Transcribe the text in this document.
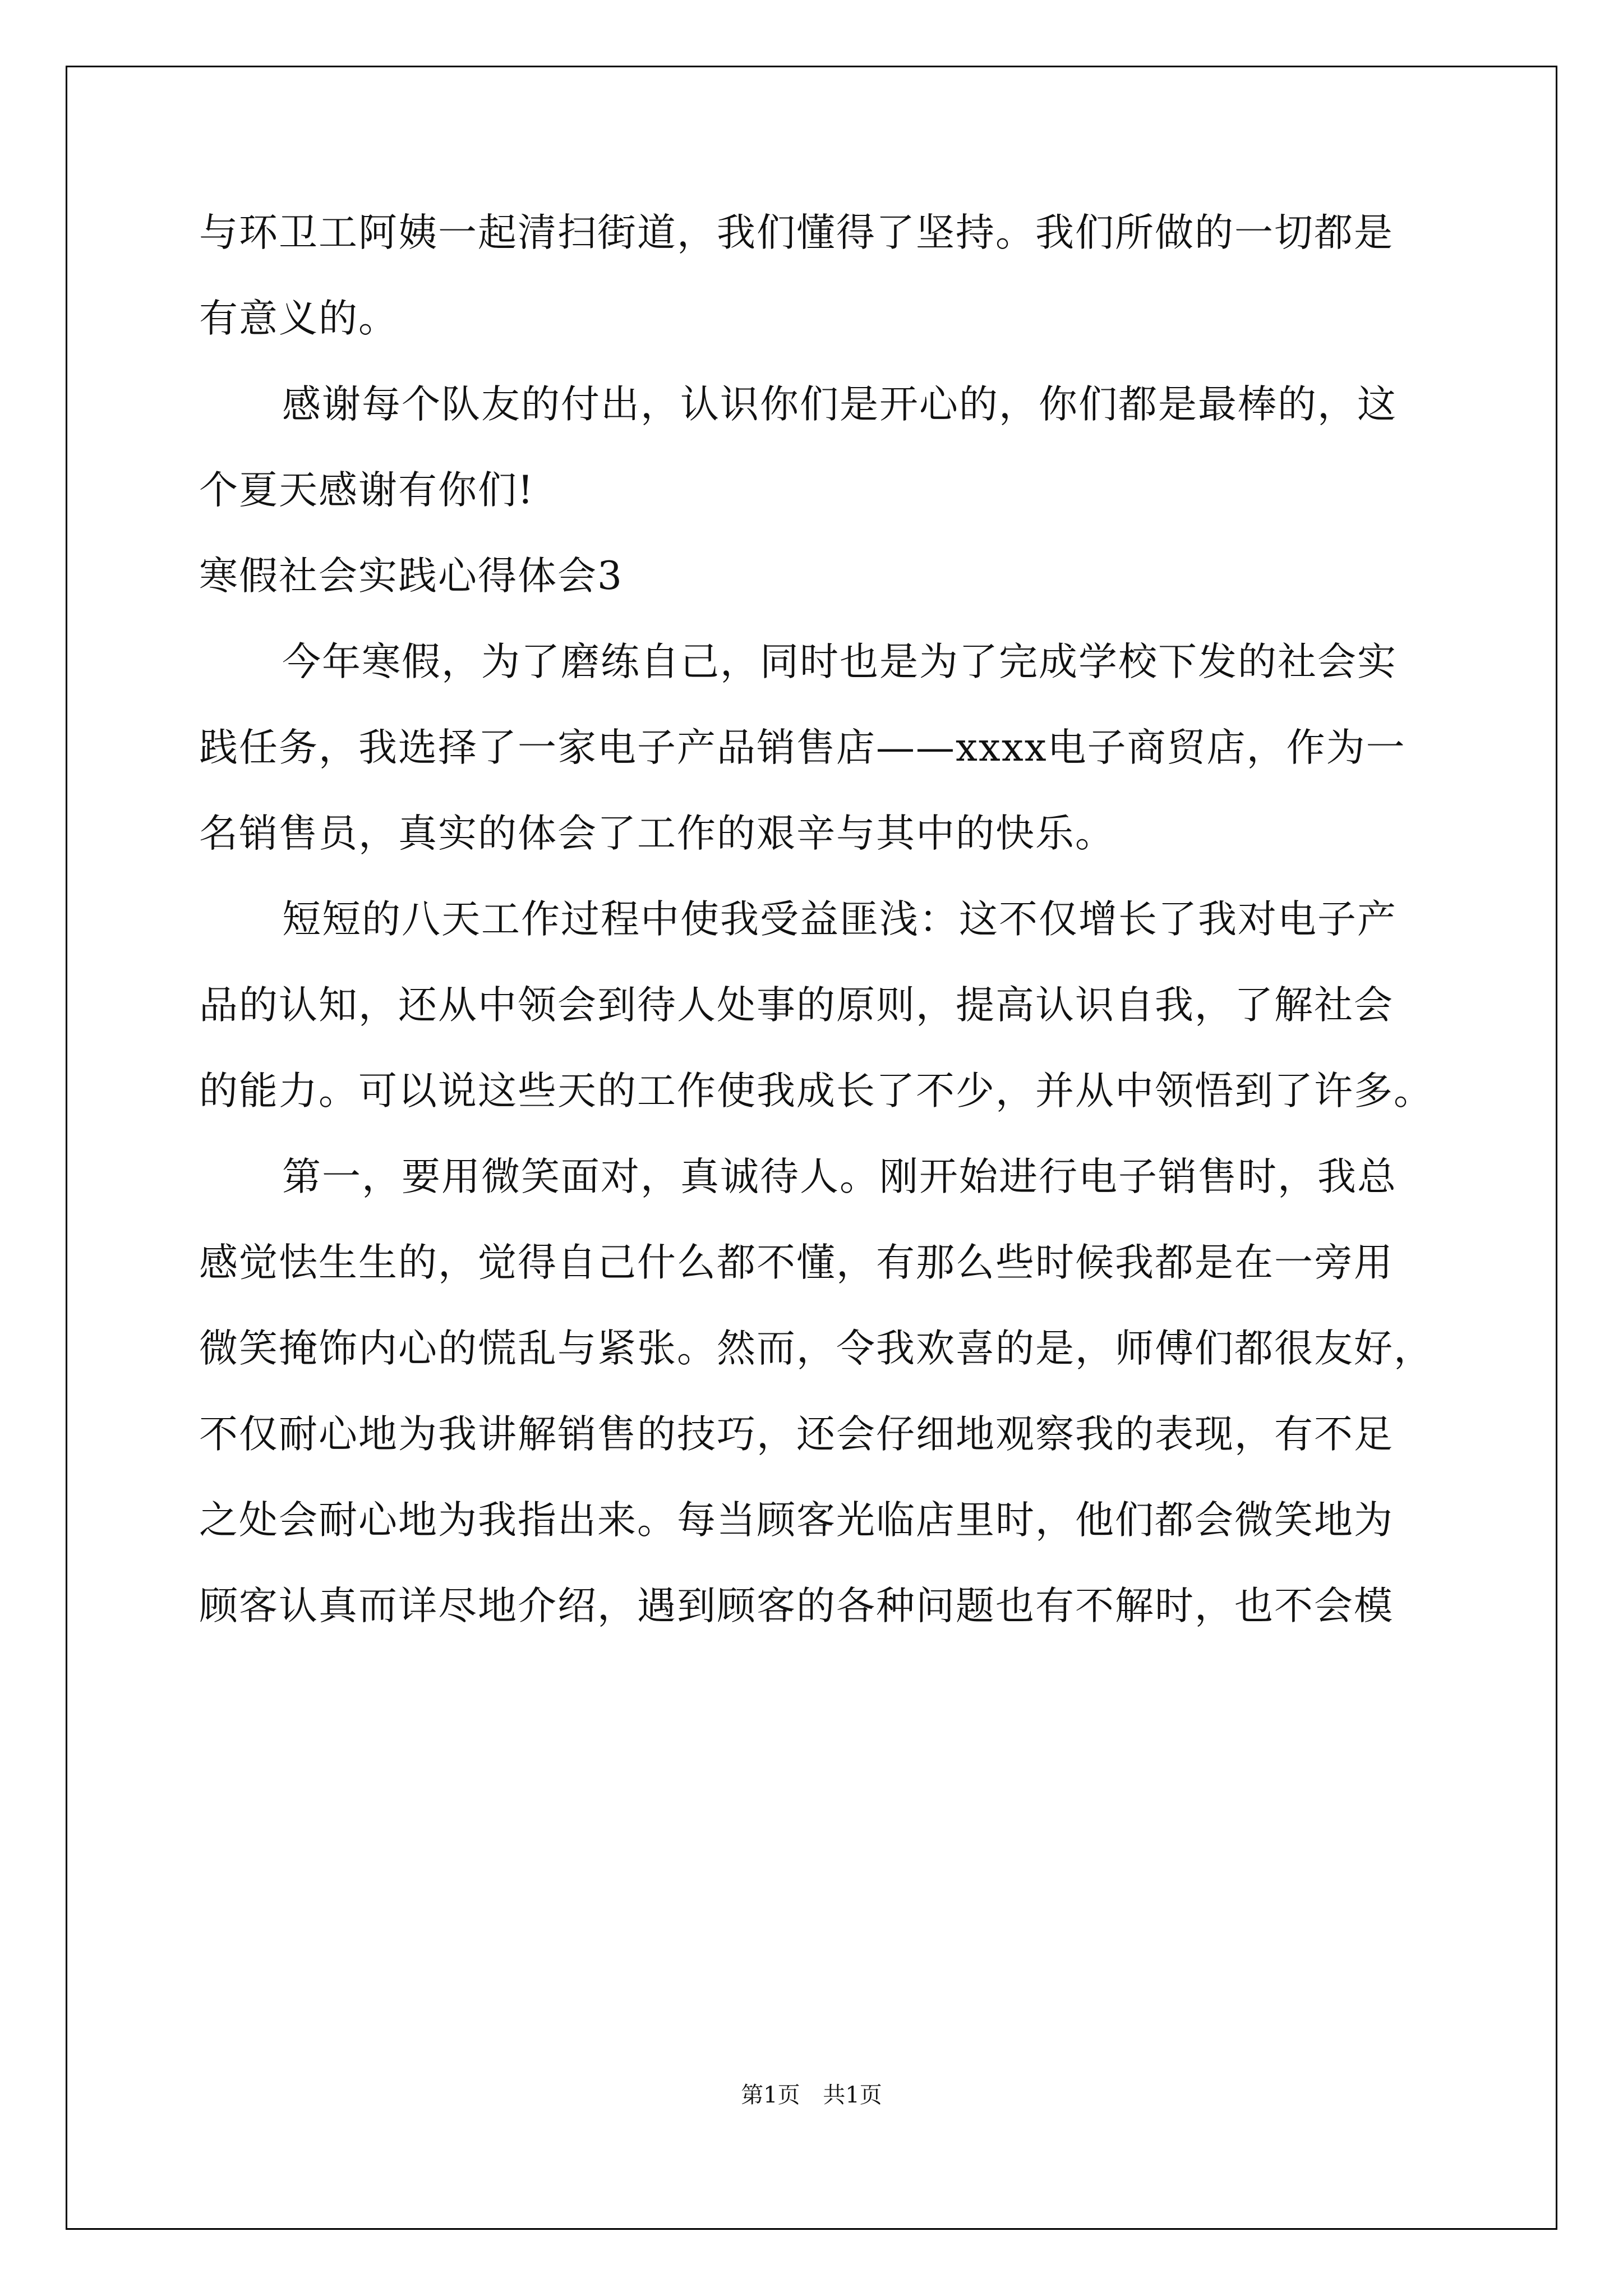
与环卫工阿姨一起清扫街道，我们懂得了坚持。我们所做的一切都是
有意义的。
感谢每个队友的付出，认识你们是开心的，你们都是最棒的，这
个夏天感谢有你们!
寒假社会实践心得体会3
今年寒假，为了磨练自己，同时也是为了完成学校下发的社会实
践任务，我选择了一家电子产品销售店——xxxx电子商贸店，作为一
名销售员，真实的体会了工作的艰辛与其中的快乐。
短短的八天工作过程中使我受益匪浅：这不仅增长了我对电子产
品的认知，还从中领会到待人处事的原则，提高认识自我，了解社会
的能力。可以说这些天的工作使我成长了不少，并从中领悟到了许多。
第一，要用微笑面对，真诚待人。刚开始进行电子销售时，我总
感觉怯生生的，觉得自己什么都不懂，有那么些时候我都是在一旁用
微笑掩饰内心的慌乱与紧张。然而，令我欢喜的是，师傅们都很友好，
不仅耐心地为我讲解销售的技巧，还会仔细地观察我的表现，有不足
之处会耐心地为我指出来。每当顾客光临店里时，他们都会微笑地为
顾客认真而详尽地介绍，遇到顾客的各种问题也有不解时，也不会模
第1页 共1页
